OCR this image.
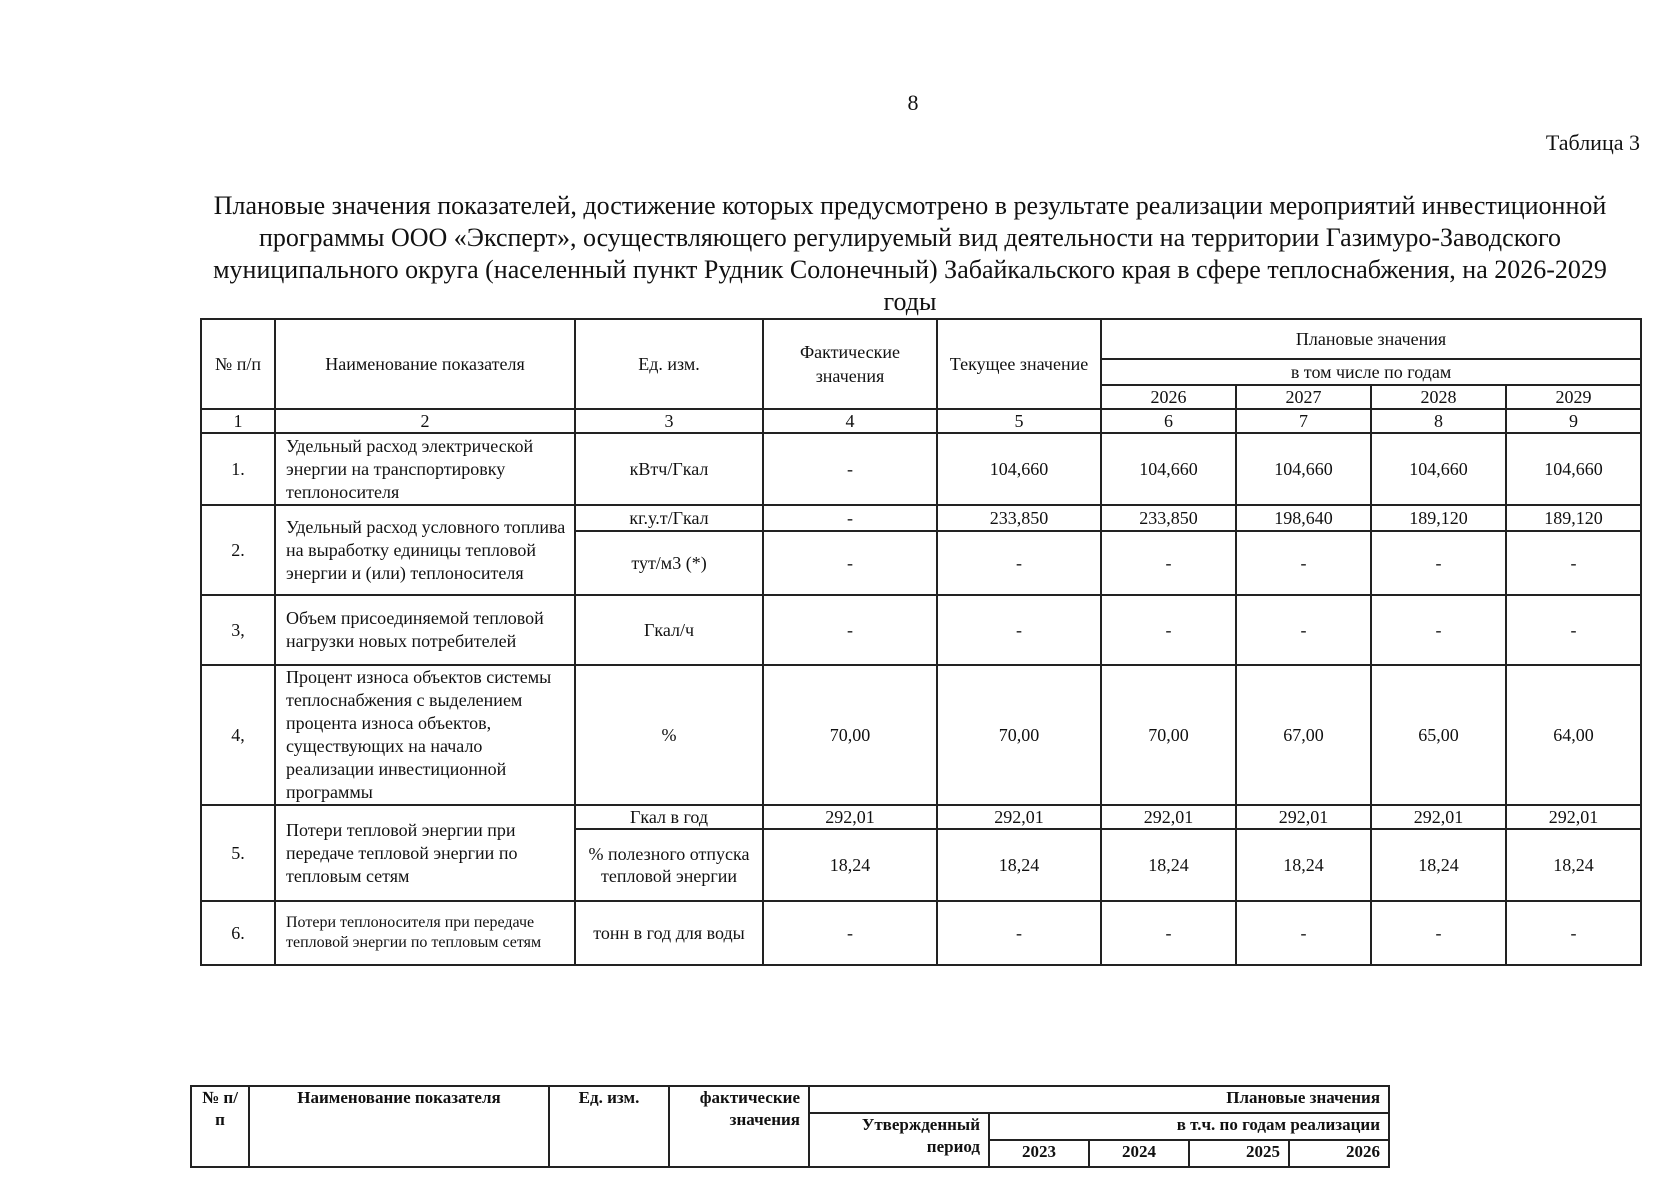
8
Таблица 3
Плановые значения показателей, достижение которых предусмотрено в результате реализации мероприятий инвестиционной программы ООО «Эксперт», осуществляющего регулируемый вид деятельности на территории Газимуро-Заводского муниципального округа (населенный пункт Рудник Солонечный) Забайкальского края в сфере теплоснабжения, на 2026-2029 годы
№ п/п	Наименование показателя	Ед. изм.	Фактические значения	Текущее значение	Плановые значения			
					в том числе по годам			
					2026	2027	2028	2029
1	2	3	4	5	6	7	8	9
1.	Удельный расход электрической энергии на транспортировку теплоносителя	кВтч/Гкал	-	104,660	104,660	104,660	104,660	104,660
2.	Удельный расход условного топлива на выработку единицы тепловой энергии и (или) теплоносителя	кг.у.т/Гкал	-	233,850	233,850	198,640	189,120	189,120
		тут/м3 (*)	-	-	-	-	-	-
3,	Объем присоединяемой тепловой нагрузки новых потребителей	Гкал/ч	-	-	-	-	-	-
4,	Процент износа объектов системы теплоснабжения с выделением процента износа объектов, существующих на начало реализации инвестиционной программы	%	70,00	70,00	70,00	67,00	65,00	64,00
5.	Потери тепловой энергии при передаче тепловой энергии по тепловым сетям	Гкал в год	292,01	292,01	292,01	292,01	292,01	292,01
		% полезного отпуска тепловой энергии	18,24	18,24	18,24	18,24	18,24	18,24
6.	Потери теплоносителя при передаче тепловой энергии по тепловым сетям	тонн в год для воды	-	-	-	-	-	-
№ п/п	Наименование показателя	Ед. изм.	фактические значения	Плановые значения				
				Утвержденный период	в т.ч. по годам реализации			
					2023	2024	2025	2026
